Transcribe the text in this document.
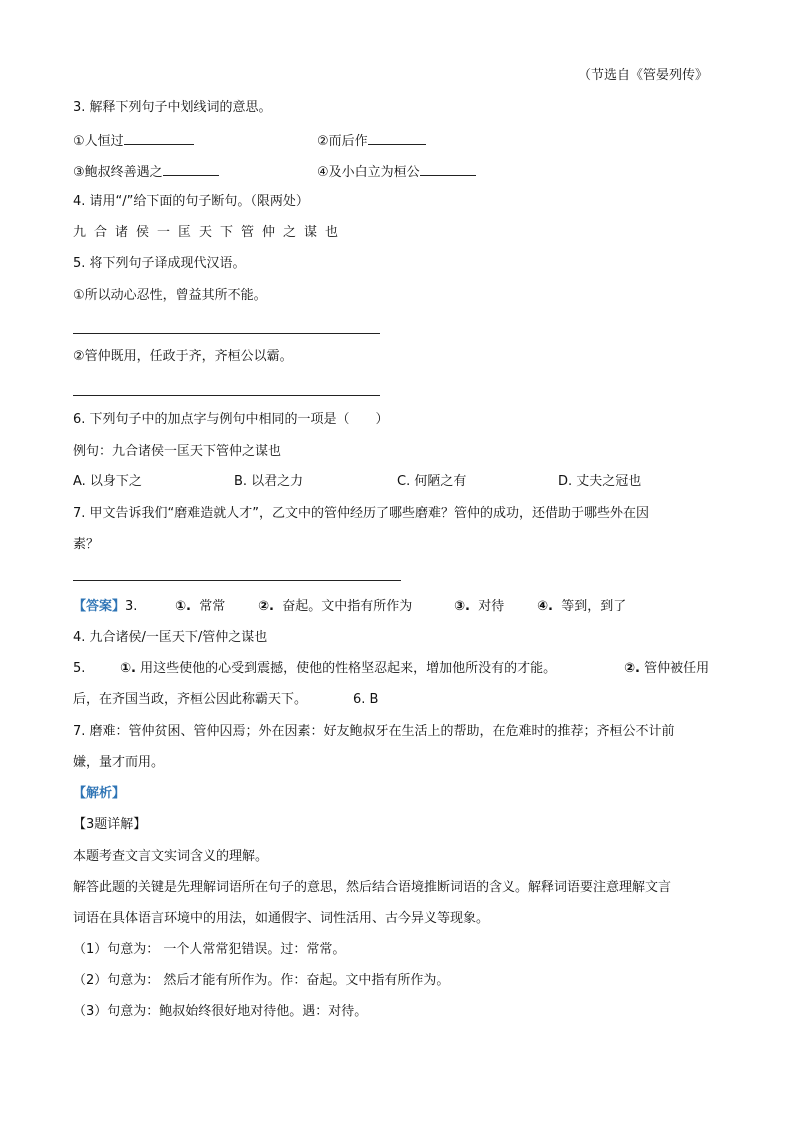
（节选自《管晏列传》
3. 解释下列句子中划线词的意思。
①人恒过	②而后作
③鲍叔终善遇之	④及小白立为桓公
4. 请用“/”给下面的句子断句。（限两处）
九合诸侯一匡天下管仲之谋也
5. 将下列句子译成现代汉语。
①所以动心忍性，曾益其所不能。
②管仲既用，任政于齐，齐桓公以霸。
6. 下列句子中的加点字与例句中相同的一项是（　　）
例句：九合诸侯一匡天下管仲之谋也
A. 以身下之	B. 以君之力	C. 何陋之有	D. 丈夫之冠也
7. 甲文告诉我们“磨难造就人才”，乙文中的管仲经历了哪些磨难？管仲的成功，还借助于哪些外在因
素？
【答案】3.	①. 常常	②. 奋起。文中指有所作为	③. 对待	④. 等到，到了
4. 九合诸侯/一匡天下/管仲之谋也
5.	①. 用这些使他的心受到震撼，使他的性格坚忍起来，增加他所没有的才能。	②. 管仲被任用
后，在齐国当政，齐桓公因此称霸天下。	6. B
7. 磨难：管仲贫困、管仲囚焉；外在因素：好友鲍叔牙在生活上的帮助，在危难时的推荐；齐桓公不计前
嫌，量才而用。
【解析】
【3题详解】
本题考查文言文实词含义的理解。
解答此题的关键是先理解词语所在句子的意思，然后结合语境推断词语的含义。解释词语要注意理解文言
词语在具体语言环境中的用法，如通假字、词性活用、古今异义等现象。
（1）句意为： 一个人常常犯错误。过：常常。
（2）句意为： 然后才能有所作为。作：奋起。文中指有所作为。
（3）句意为：鲍叔始终很好地对待他。遇：对待。
